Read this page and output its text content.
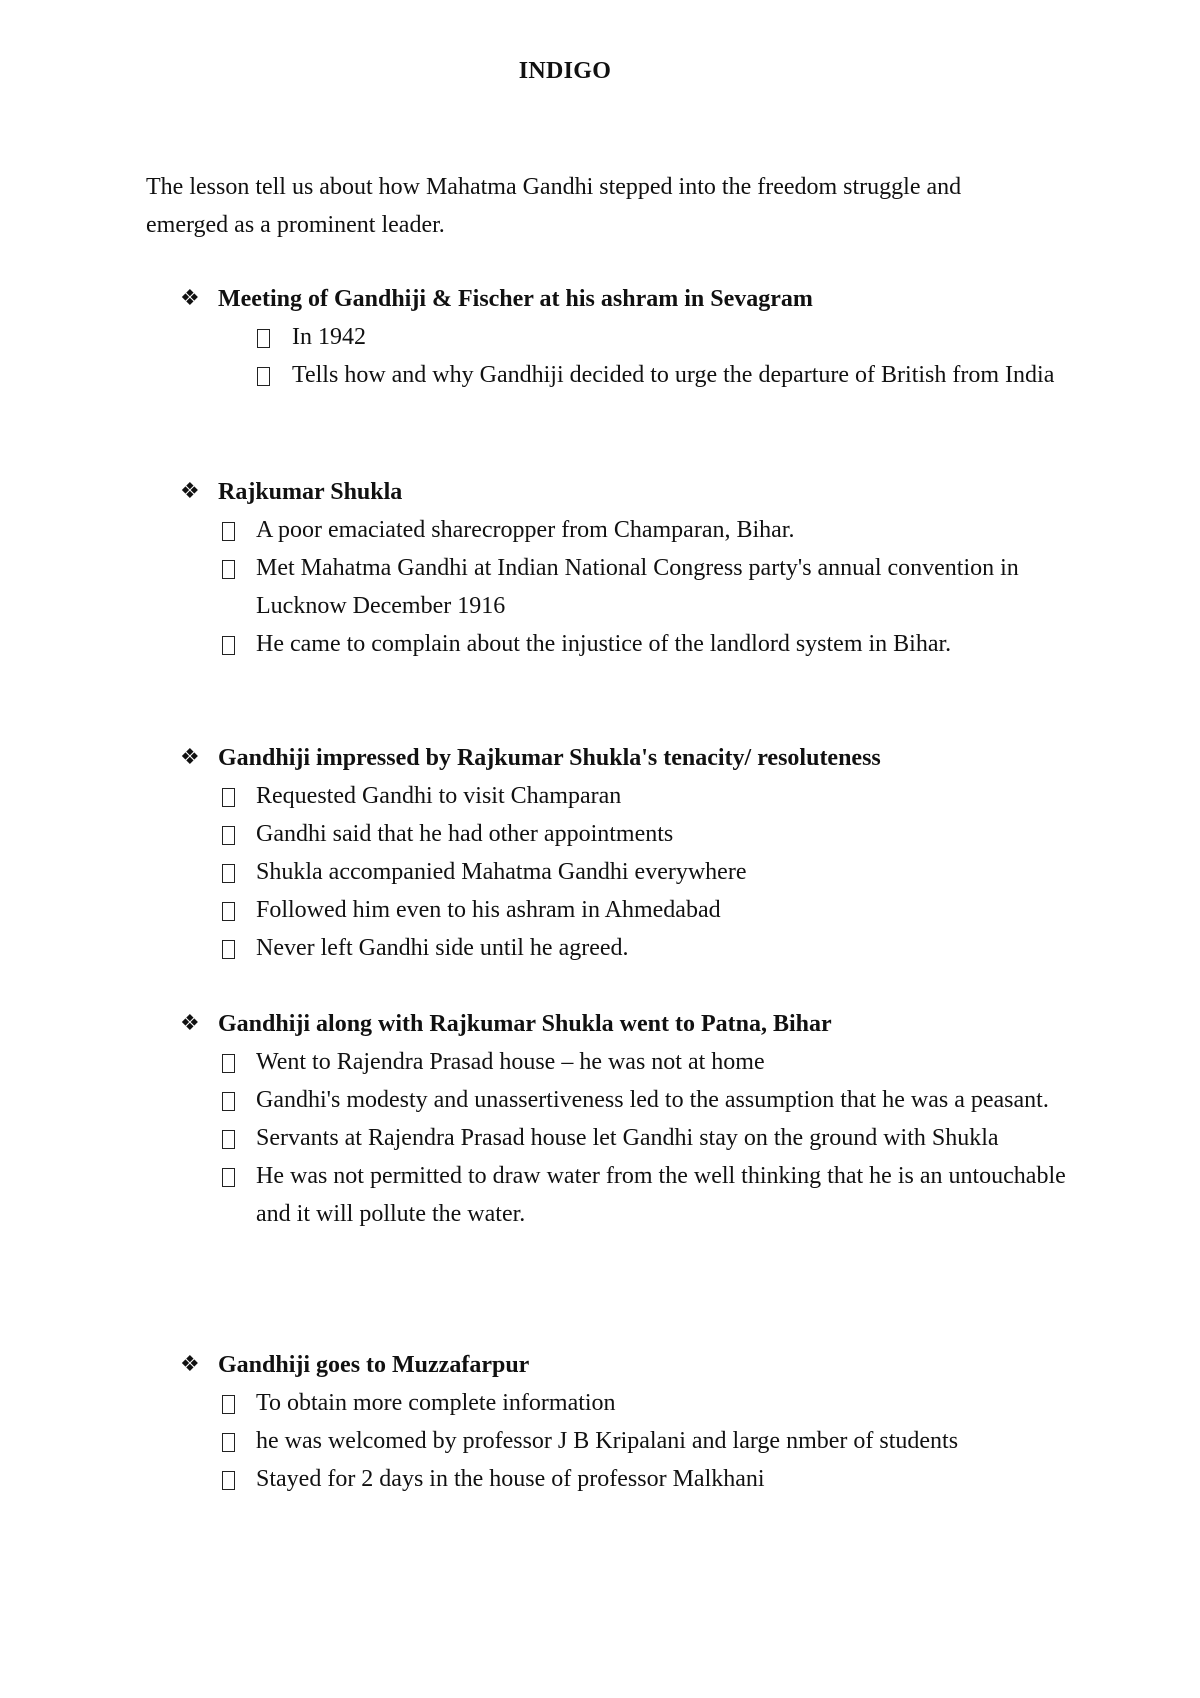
INDIGO

The lesson tell us about how Mahatma Gandhi stepped into the freedom struggle and emerged as a prominent leader.

❖ Meeting of Gandhiji & Fischer at his ashram in Sevagram
In 1942
Tells how and why Gandhiji decided to urge the departure of British from India
❖ Rajkumar Shukla
A poor emaciated sharecropper from Champaran, Bihar.
Met Mahatma Gandhi at Indian National Congress party's annual convention in Lucknow December 1916
He came to complain about the injustice of the landlord system in Bihar.
❖ Gandhiji impressed by Rajkumar Shukla's tenacity/ resoluteness
Requested Gandhi to visit Champaran
Gandhi said that he had other appointments
Shukla accompanied Mahatma Gandhi everywhere
Followed him even to his ashram in Ahmedabad
Never left Gandhi side until he agreed.
❖ Gandhiji along with Rajkumar Shukla went to Patna, Bihar
Went to Rajendra Prasad house – he was not at home
Gandhi's modesty and unassertiveness led to the assumption that he was a peasant.
Servants at Rajendra Prasad house let Gandhi stay on the ground with Shukla
He was not permitted to draw water from the well thinking that he is an untouchable and it will pollute the water.
❖ Gandhiji goes to Muzzafarpur
To obtain more complete information
he was welcomed by professor J B Kripalani and large nmber of students
Stayed for 2 days in the house of professor Malkhani
